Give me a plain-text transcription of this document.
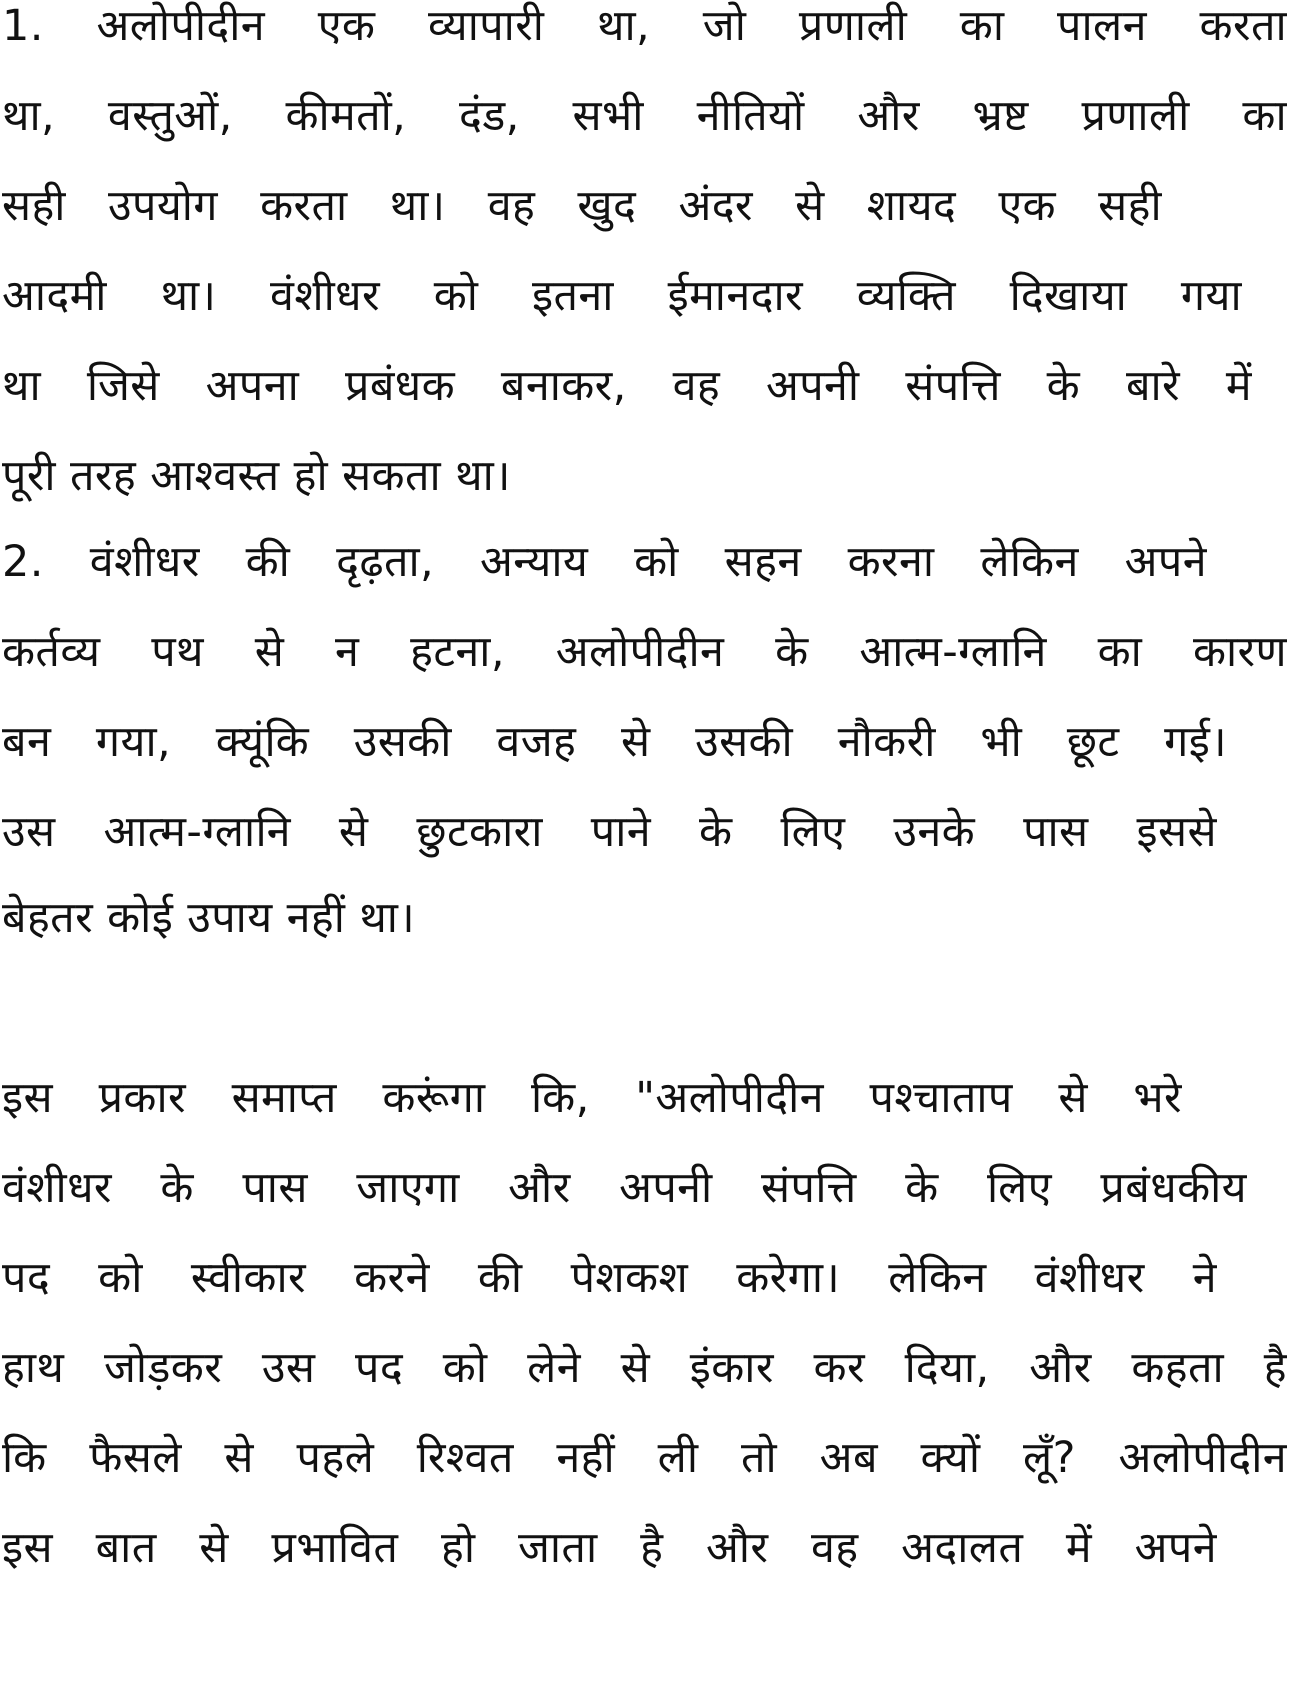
1. अलोपीदीन एक व्यापारी था, जो प्रणाली का पालन करता
था, वस्तुओं, कीमतों, दंड, सभी नीतियों और भ्रष्ट प्रणाली का
सही उपयोग करता था। वह खुद अंदर से शायद एक सही
आदमी था। वंशीधर को इतना ईमानदार व्यक्ति दिखाया गया
था जिसे अपना प्रबंधक बनाकर, वह अपनी संपत्ति के बारे में
पूरी तरह आश्वस्त हो सकता था।
2. वंशीधर की दृढ़ता, अन्याय को सहन करना लेकिन अपने
कर्तव्य पथ से न हटना, अलोपीदीन के आत्म-ग्लानि का कारण
बन गया, क्यूंकि उसकी वजह से उसकी नौकरी भी छूट गई।
उस आत्म-ग्लानि से छुटकारा पाने के लिए उनके पास इससे
बेहतर कोई उपाय नहीं था।
इस प्रकार समाप्त करूंगा कि, "अलोपीदीन पश्चाताप से भरे
वंशीधर के पास जाएगा और अपनी संपत्ति के लिए प्रबंधकीय
पद को स्वीकार करने की पेशकश करेगा। लेकिन वंशीधर ने
हाथ जोड़कर उस पद को लेने से इंकार कर दिया, और कहता है
कि फैसले से पहले रिश्वत नहीं ली तो अब क्यों लूँ? अलोपीदीन
इस बात से प्रभावित हो जाता है और वह अदालत में अपने
